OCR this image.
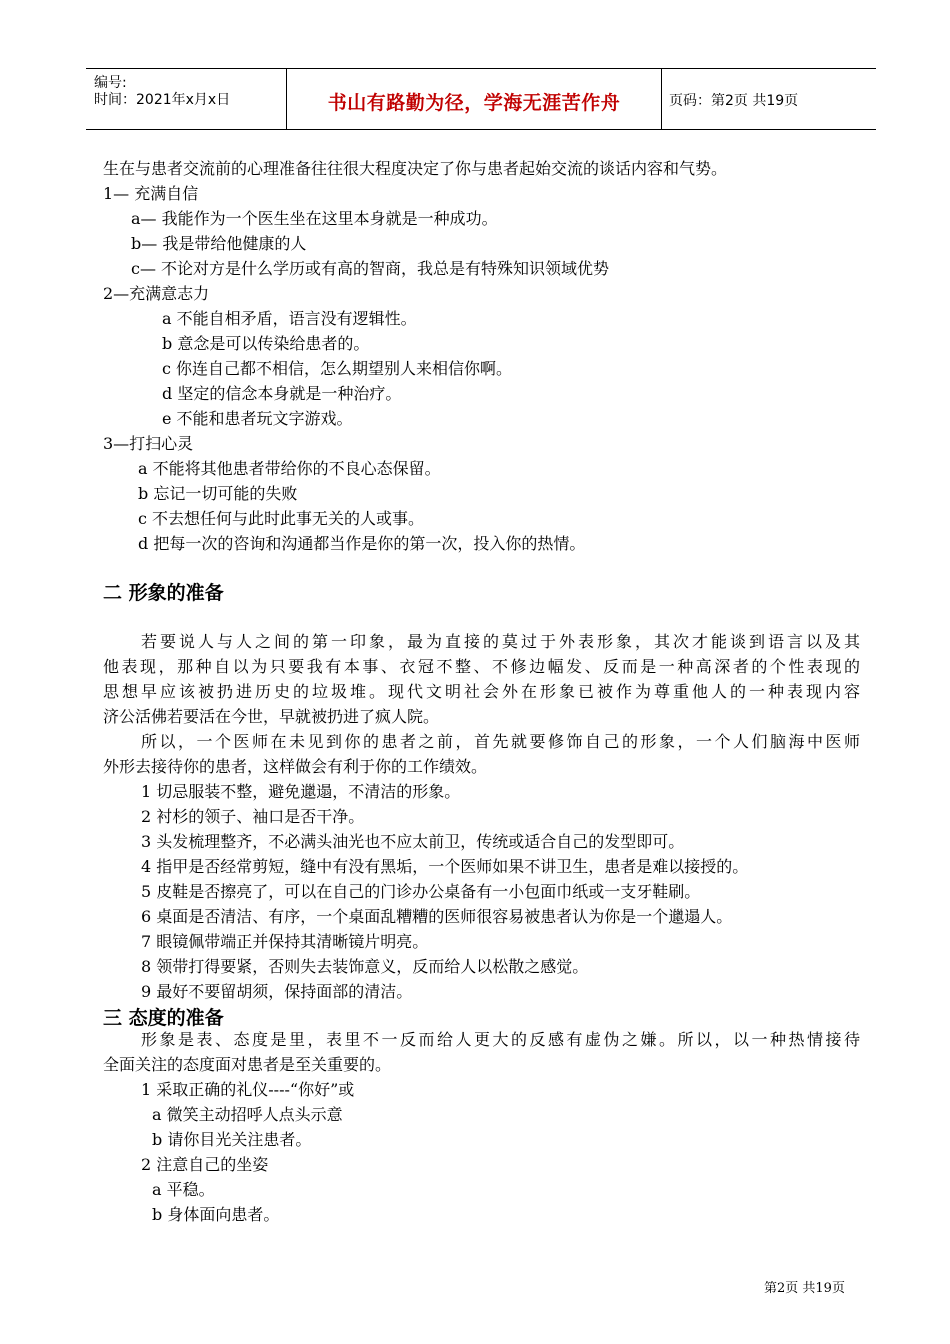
编号:
时间：2021年x月x日	书山有路勤为径，学海无涯苦作舟	页码：第2页 共19页
生在与患者交流前的心理准备往往很大程度决定了你与患者起始交流的谈话内容和气势。
1— 充满自信
a— 我能作为一个医生坐在这里本身就是一种成功。
b— 我是带给他健康的人
c— 不论对方是什么学历或有高的智商，我总是有特殊知识领域优势
2—充满意志力
a 不能自相矛盾，语言没有逻辑性。
b 意念是可以传染给患者的。
c 你连自己都不相信，怎么期望别人来相信你啊。
d 坚定的信念本身就是一种治疗。
e 不能和患者玩文字游戏。
3—打扫心灵
a 不能将其他患者带给你的不良心态保留。
b 忘记一切可能的失败
c 不去想任何与此时此事无关的人或事。
d 把每一次的咨询和沟通都当作是你的第一次，投入你的热情。
二 形象的准备
若要说人与人之间的第一印象，最为直接的莫过于外表形象，其次才能谈到语言以及其
他表现，那种自以为只要我有本事、衣冠不整、不修边幅发、反而是一种高深者的个性表现的
思想早应该被扔进历史的垃圾堆。现代文明社会外在形象已被作为尊重他人的一种表现内容
济公活佛若要活在今世，早就被扔进了疯人院。
所以，一个医师在未见到你的患者之前，首先就要修饰自己的形象，一个人们脑海中医师
外形去接待你的患者，这样做会有利于你的工作绩效。
1 切忌服装不整，避免邋遢，不清洁的形象。
2 衬杉的领子、袖口是否干净。
3 头发梳理整齐，不必满头油光也不应太前卫，传统或适合自己的发型即可。
4 指甲是否经常剪短，缝中有没有黑垢，一个医师如果不讲卫生，患者是难以接授的。
5 皮鞋是否擦亮了，可以在自己的门诊办公桌备有一小包面巾纸或一支牙鞋刷。
6 桌面是否清洁、有序，一个桌面乱糟糟的医师很容易被患者认为你是一个邋遢人。
7 眼镜佩带端正并保持其清晰镜片明亮。
8 领带打得要紧，否则失去装饰意义，反而给人以松散之感觉。
9 最好不要留胡须，保持面部的清洁。
三 态度的准备
形象是表、态度是里，表里不一反而给人更大的反感有虚伪之嫌。所以，以一种热情接待
全面关注的态度面对患者是至关重要的。
1 采取正确的礼仪----“你好”或
a 微笑主动招呼人点头示意
b 请你目光关注患者。
2 注意自己的坐姿
a 平稳。
b 身体面向患者。
第2页 共19页
